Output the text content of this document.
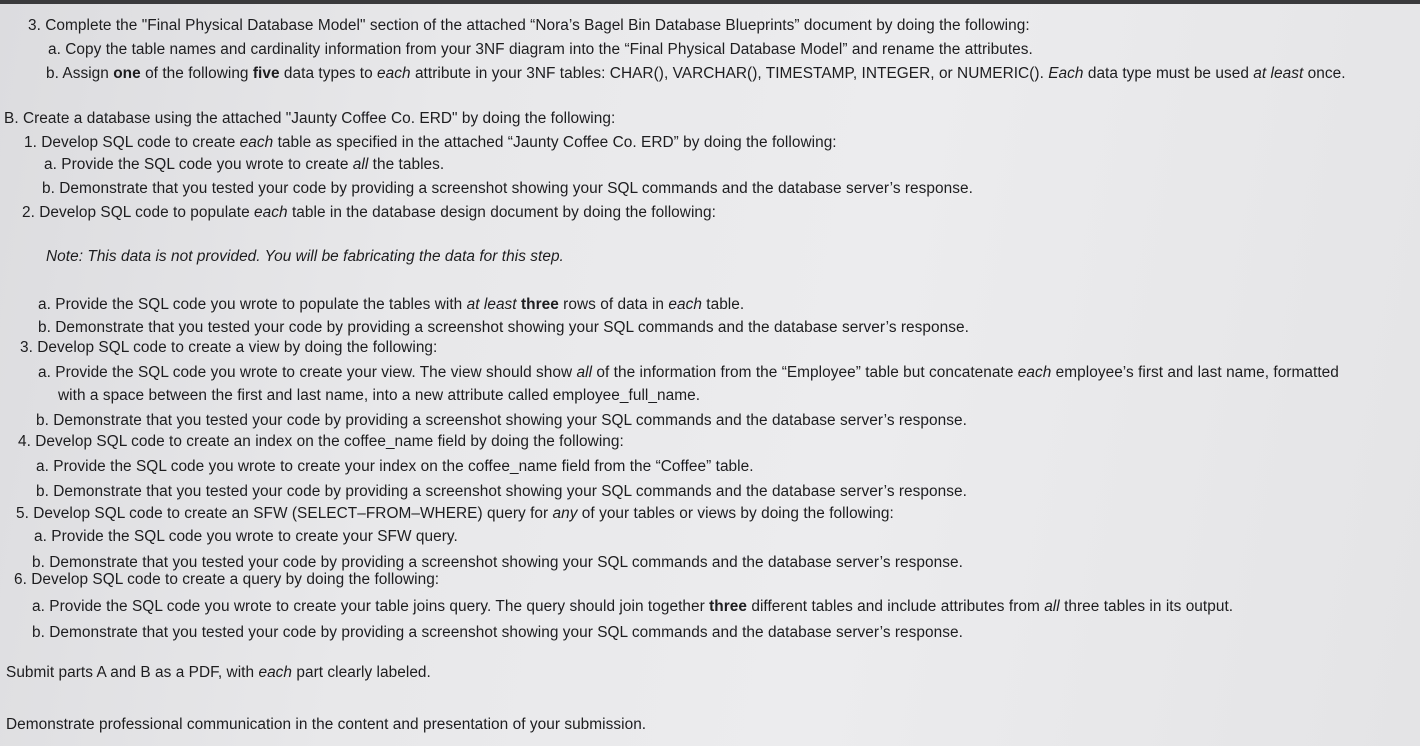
3. Complete the "Final Physical Database Model" section of the attached “Nora’s Bagel Bin Database Blueprints” document by doing the following:
a. Copy the table names and cardinality information from your 3NF diagram into the “Final Physical Database Model” and rename the attributes.
b. Assign one of the following five data types to each attribute in your 3NF tables: CHAR(), VARCHAR(), TIMESTAMP, INTEGER, or NUMERIC(). Each data type must be used at least once.
B. Create a database using the attached "Jaunty Coffee Co. ERD" by doing the following:
1. Develop SQL code to create each table as specified in the attached “Jaunty Coffee Co. ERD” by doing the following:
a. Provide the SQL code you wrote to create all the tables.
b. Demonstrate that you tested your code by providing a screenshot showing your SQL commands and the database server’s response.
2. Develop SQL code to populate each table in the database design document by doing the following:
Note: This data is not provided. You will be fabricating the data for this step.
a. Provide the SQL code you wrote to populate the tables with at least three rows of data in each table.
b. Demonstrate that you tested your code by providing a screenshot showing your SQL commands and the database server’s response.
3. Develop SQL code to create a view by doing the following:
a. Provide the SQL code you wrote to create your view. The view should show all of the information from the “Employee” table but concatenate each employee’s first and last name, formatted
with a space between the first and last name, into a new attribute called employee_full_name.
b. Demonstrate that you tested your code by providing a screenshot showing your SQL commands and the database server’s response.
4. Develop SQL code to create an index on the coffee_name field by doing the following:
a. Provide the SQL code you wrote to create your index on the coffee_name field from the “Coffee” table.
b. Demonstrate that you tested your code by providing a screenshot showing your SQL commands and the database server’s response.
5. Develop SQL code to create an SFW (SELECT–FROM–WHERE) query for any of your tables or views by doing the following:
a. Provide the SQL code you wrote to create your SFW query.
b. Demonstrate that you tested your code by providing a screenshot showing your SQL commands and the database server’s response.
6. Develop SQL code to create a query by doing the following:
a. Provide the SQL code you wrote to create your table joins query. The query should join together three different tables and include attributes from all three tables in its output.
b. Demonstrate that you tested your code by providing a screenshot showing your SQL commands and the database server’s response.
Submit parts A and B as a PDF, with each part clearly labeled.
Demonstrate professional communication in the content and presentation of your submission.
